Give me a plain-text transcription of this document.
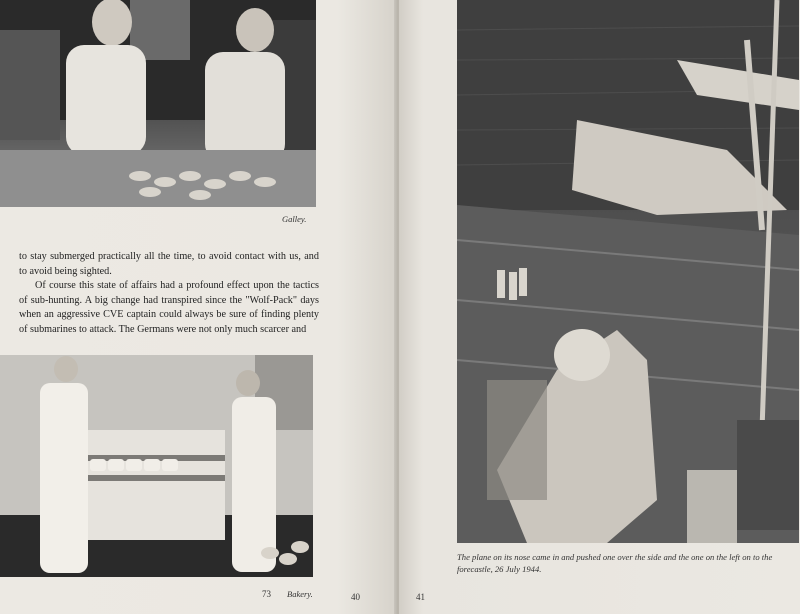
Galley.

to stay submerged practically all the time, to avoid contact with us, and to avoid being sighted.

Of course this state of affairs had a profound effect upon the tactics of sub-hunting. A big change had transpired since the "Wolf-Pack" days when an aggressive CVE captain could always be sure of finding plenty of submarines to attack. The Germans were not only much scarcer and

73 Bakery.	40
The plane on its nose came in and pushed one over the side and the one on the left on to the forecastle, 26 July 1944.
41
